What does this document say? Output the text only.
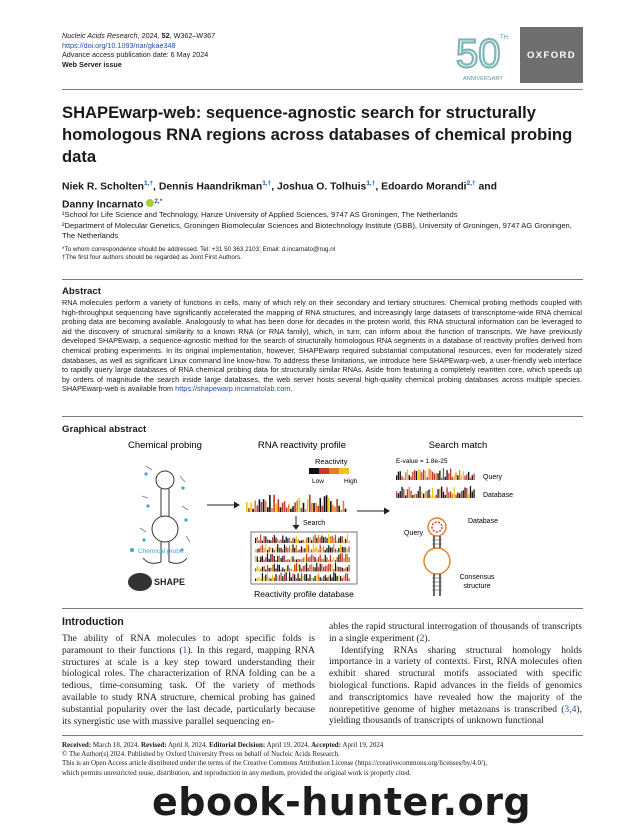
Nucleic Acids Research, 2024, 52, W362–W367
https://doi.org/10.1093/nar/gkae348
Advance access publication date: 6 May 2024
Web Server issue	50 TH
ANNIVERSARY
OXFORD
SHAPEwarp-web: sequence-agnostic search for structurally homologous RNA regions across databases of chemical probing data
Niek R. Scholten$^{1,\dagger}$, Dennis Haandrikman$^{1,\dagger}$, Joshua O. Tolhuis$^{1,\dagger}$, Edoardo Morandi$^{2,\dagger}$ and
Danny Incarnato $^{2,*}$
¹School for Life Science and Technology, Hanze University of Applied Sciences, 9747 AS Groningen, The Netherlands
²Department of Molecular Genetics, Groningen Biomolecular Sciences and Biotechnology Institute (GBB), University of Groningen, 9747 AG Groningen, The Netherlands
*To whom correspondence should be addressed. Tel: +31 50 363 2103; Email: d.incarnato@rug.nl
†The first four authors should be regarded as Joint First Authors.
Abstract
RNA molecules perform a variety of functions in cells, many of which rely on their secondary and tertiary structures. Chemical probing methods coupled with high-throughput sequencing have significantly accelerated the mapping of RNA structures, and increasingly large datasets of transcriptome-wide RNA chemical probing data are becoming available. Analogously to what has been done for decades in the protein world, this RNA structural information can be leveraged to aid the discovery of structural similarity to a known RNA (or RNA family), which, in turn, can inform about the function of transcripts. We have previously developed SHAPEwarp, a sequence-agnostic method for the search of structurally homologous RNA segments in a database of reactivity profiles derived from chemical probing experiments. In its original implementation, however, SHAPEwarp required substantial computational resources, even for moderately sized databases, as well as significant Linux command line know-how. To address these limitations, we introduce here SHAPEwarp-web, a user-friendly web interface to rapidly query large databases of RNA chemical probing data for structurally similar RNAs. Aside from featuring a completely rewritten core, which speeds up by orders of magnitude the search inside large databases, the web server hosts several high-quality chemical probing databases across multiple species. SHAPEwarp-web is available from https://shapewarp.incarnatolab.com.
Graphical abstract
Chemical probing	RNA reactivity profile	Search match
Chemical probe
SHAPE
Reactivity
Low	High
Search
Reactivity profile database
E-value = 1.8e-25
Query
Database
Query
Database
Consensus
structure
Introduction
The ability of RNA molecules to adopt specific folds is paramount to their functions (1). In this regard, mapping RNA structures at scale is a key step toward understanding their biological roles. The characterization of RNA folding can be a tedious, time-consuming task. Of the variety of methods available to study RNA structure, chemical probing has gained substantial popularity over the last decade, particularly because its synergistic use with massive parallel sequencing en-
ables the rapid structural interrogation of thousands of transcripts in a single experiment (2).
Identifying RNAs sharing structural homology holds importance in a variety of contexts. First, RNA molecules often exhibit shared structural motifs associated with specific biological functions. Rapid advances in the fields of genomics and transcriptomics have revealed how the majority of the nonrepetitive genome of higher metazoans is transcribed (3,4), yielding thousands of transcripts of unknown functional
Received: March 18, 2024. Revised: April 8, 2024. Editorial Decision: April 19, 2024. Accepted: April 19, 2024
© The Author(s) 2024. Published by Oxford University Press on behalf of Nucleic Acids Research.
This is an Open Access article distributed under the terms of the Creative Commons Attribution License (https://creativecommons.org/licenses/by/4.0/),
which permits unrestricted reuse, distribution, and reproduction in any medium, provided the original work is properly cited.
ebook-hunter.org
